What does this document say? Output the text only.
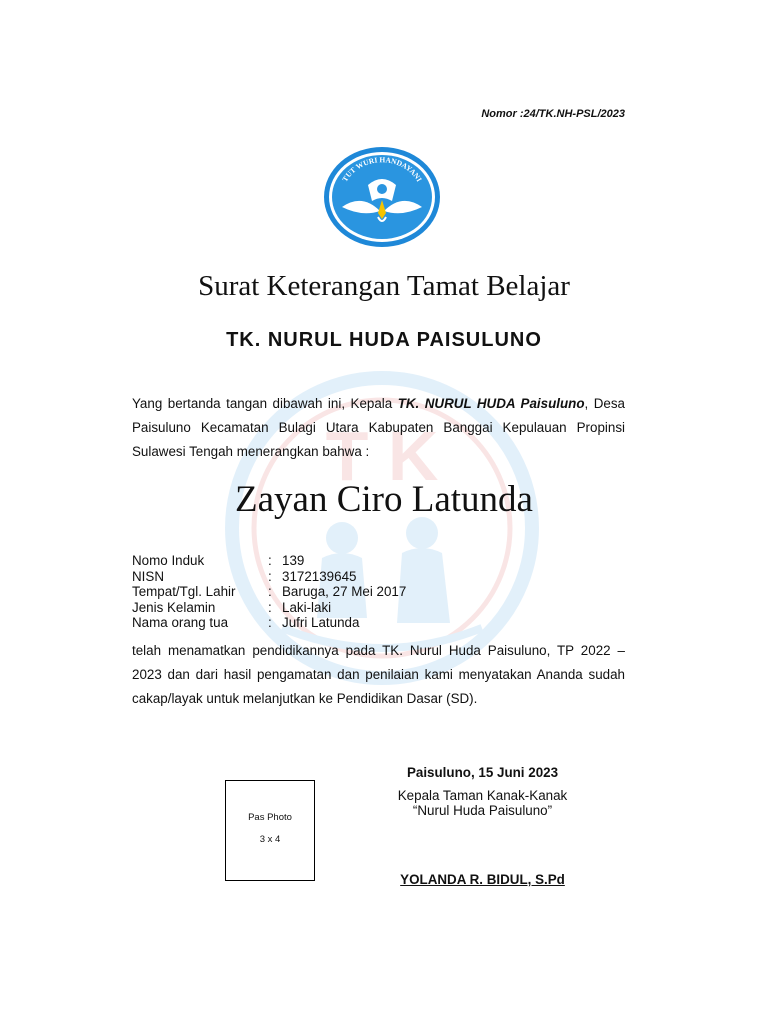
Nomor :24/TK.NH-PSL/2023
T K
TUT WURI HANDAYANI
Surat Keterangan Tamat Belajar
TK. NURUL HUDA PAISULUNO
Yang bertanda tangan dibawah ini, Kepala TK. NURUL HUDA Paisuluno, Desa Paisuluno Kecamatan Bulagi Utara Kabupaten Banggai Kepulauan Propinsi Sulawesi Tengah menerangkan bahwa :
Zayan Ciro Latunda
Nomo Induk	: 139
NISN	: 3172139645
Tempat/Tgl. Lahir	: Baruga, 27 Mei 2017
Jenis Kelamin	: Laki-laki
Nama orang tua	: Jufri Latunda
telah menamatkan pendidikannya pada TK. Nurul Huda Paisuluno, TP 2022 – 2023 dan dari hasil pengamatan dan penilaian kami menyatakan Ananda sudah cakap/layak untuk melanjutkan ke Pendidikan Dasar (SD).
Paisuluno, 15 Juni 2023
Kepala Taman Kanak-Kanak
“Nurul Huda Paisuluno”
YOLANDA R. BIDUL, S.Pd
Pas Photo
3 x 4
